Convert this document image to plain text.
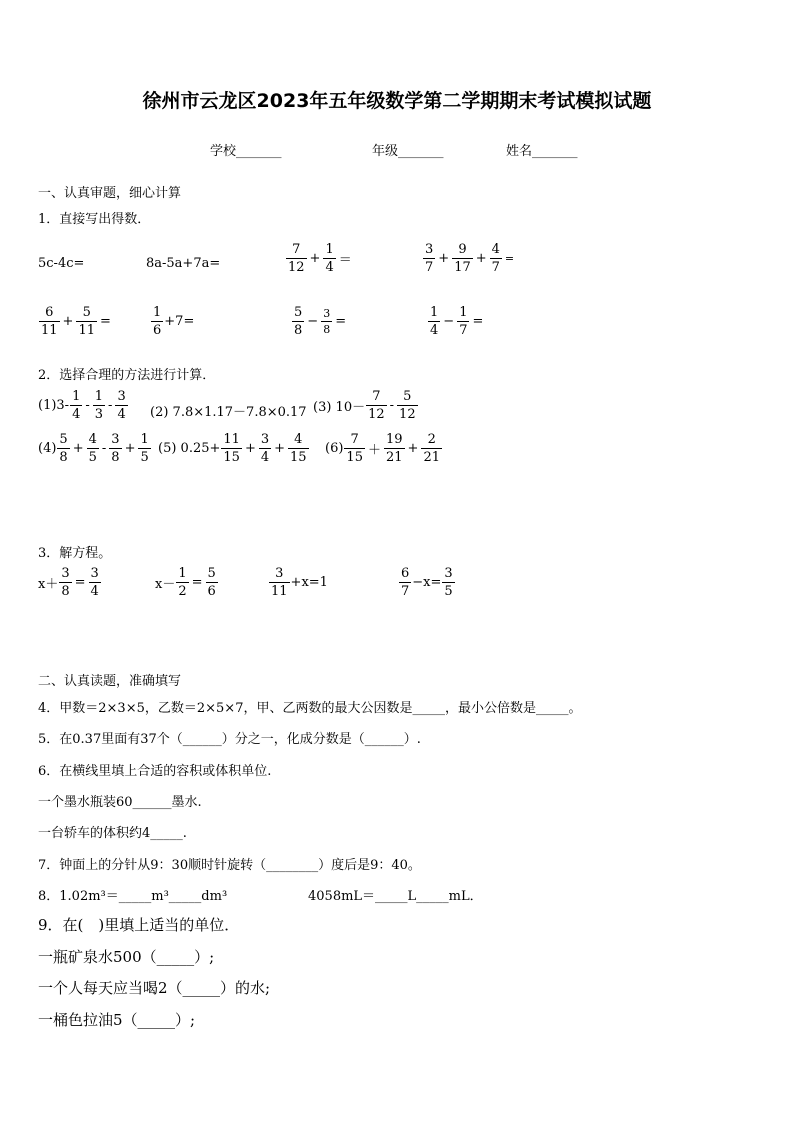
徐州市云龙区2023年五年级数学第二学期期末考试模拟试题
学校_______	年级_______	姓名_______
一、认真审题，细心计算
1．直接写出得数．
5c-4c=	8a-5a+7a=	$\frac{7}{12} + \frac{1}{4}$ ＝	$\frac{3}{7} + \frac{9}{17} + \frac{4}{7}$ =
$\frac{6}{11} + \frac{5}{11}$ =	$\frac{1}{6} +7=$	$\frac{5}{8} - \frac{3}{8}$ =	$\frac{1}{4} - \frac{1}{7}$ =
2．选择合理的方法进行计算．
$(1)3- \frac{1}{4} - \frac{1}{3} - \frac{3}{4} (2)$ 7.8×1.17－7.8×0.17 (3) $10- \frac{7}{12} - \frac{5}{12}$
$(4) \frac{5}{8} + \frac{4}{5} - \frac{3}{8} + \frac{1}{5} (5)$ $0.25+ \frac{11}{15} + \frac{3}{4} + \frac{4}{15} (6) \frac{7}{15} + \frac{19}{21} + \frac{2}{21}$
3．解方程。
$x+ \frac{3}{8} = \frac{3}{4}$	$x- \frac{1}{2} = \frac{5}{6}$	$\frac{3}{11} +x=1$	$\frac{6}{7} -x= \frac{3}{5}$
二、认真读题，准确填写
4．甲数＝2×3×5，乙数＝2×5×7，甲、乙两数的最大公因数是_____，最小公倍数是_____。
5．在0.37里面有37个（______）分之一，化成分数是（______）.
6．在横线里填上合适的容积或体积单位.
一个墨水瓶装60______墨水.
一台轿车的体积约4_____.
7．钟面上的分针从9：30顺时针旋转（________）度后是9：40。
8．1.02m³＝_____m³_____dm³	4058mL＝_____L_____mL．
9．在(　)里填上适当的单位．
一瓶矿泉水500（_____）;
一个人每天应当喝2（_____）的水;
一桶色拉油5（_____）;
